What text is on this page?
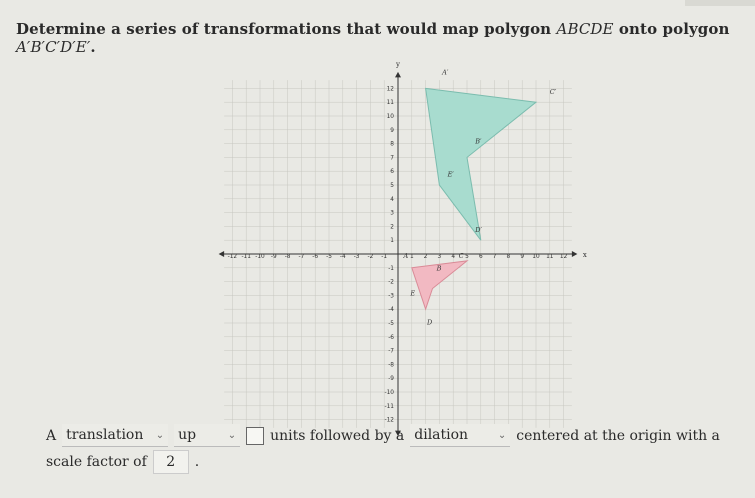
Determine a series of transformations that would map polygon ABCDE onto polygon A′B′C′D′E′.
x
y
-12 -11 -10 -9 -8 -7 -6 -5 -4 -3 -2 -1	1 2 3 4 5 6 7 8 9 10 11 12
12
11
10
9
8
7
6
5
4
3
2
1
-1
-2
-3
-4
-5
-6
-7
-8
-9
-10
-11
-12
A′
C′
B′
E′
D′
A
B
C
E
D
A translation ⌄ up	⌄ units followed by a dilation	⌄ centered at the origin with a
scale factor of	2	.
